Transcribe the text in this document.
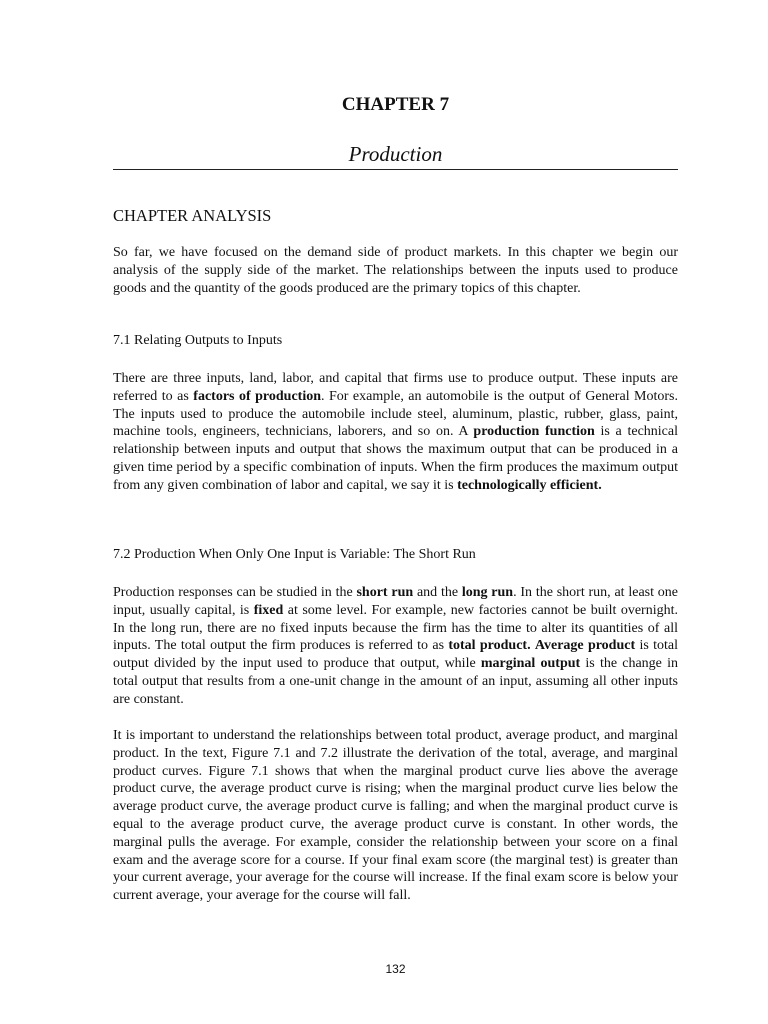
CHAPTER 7
Production
CHAPTER ANALYSIS

So far, we have focused on the demand side of product markets. In this chapter we begin our analysis of the supply side of the market. The relationships between the inputs used to produce goods and the quantity of the goods produced are the primary topics of this chapter.

7.1 Relating Outputs to Inputs

There are three inputs, land, labor, and capital that firms use to produce output. These inputs are referred to as factors of production. For example, an automobile is the output of General Motors. The inputs used to produce the automobile include steel, aluminum, plastic, rubber, glass, paint, machine tools, engineers, technicians, laborers, and so on. A production function is a technical relationship between inputs and output that shows the maximum output that can be produced in a given time period by a specific combination of inputs. When the firm produces the maximum output from any given combination of labor and capital, we say it is technologically efficient.

7.2 Production When Only One Input is Variable: The Short Run

Production responses can be studied in the short run and the long run. In the short run, at least one input, usually capital, is fixed at some level. For example, new factories cannot be built overnight. In the long run, there are no fixed inputs because the firm has the time to alter its quantities of all inputs. The total output the firm produces is referred to as total product. Average product is total output divided by the input used to produce that output, while marginal output is the change in total output that results from a one-unit change in the amount of an input, assuming all other inputs are constant.

It is important to understand the relationships between total product, average product, and marginal product. In the text, Figure 7.1 and 7.2 illustrate the derivation of the total, average, and marginal product curves. Figure 7.1 shows that when the marginal product curve lies above the average product curve, the average product curve is rising; when the marginal product curve lies below the average product curve, the average product curve is falling; and when the marginal product curve is equal to the average product curve, the average product curve is constant. In other words, the marginal pulls the average. For example, consider the relationship between your score on a final exam and the average score for a course. If your final exam score (the marginal test) is greater than your current average, your average for the course will increase. If the final exam score is below your current average, your average for the course will fall.

132
